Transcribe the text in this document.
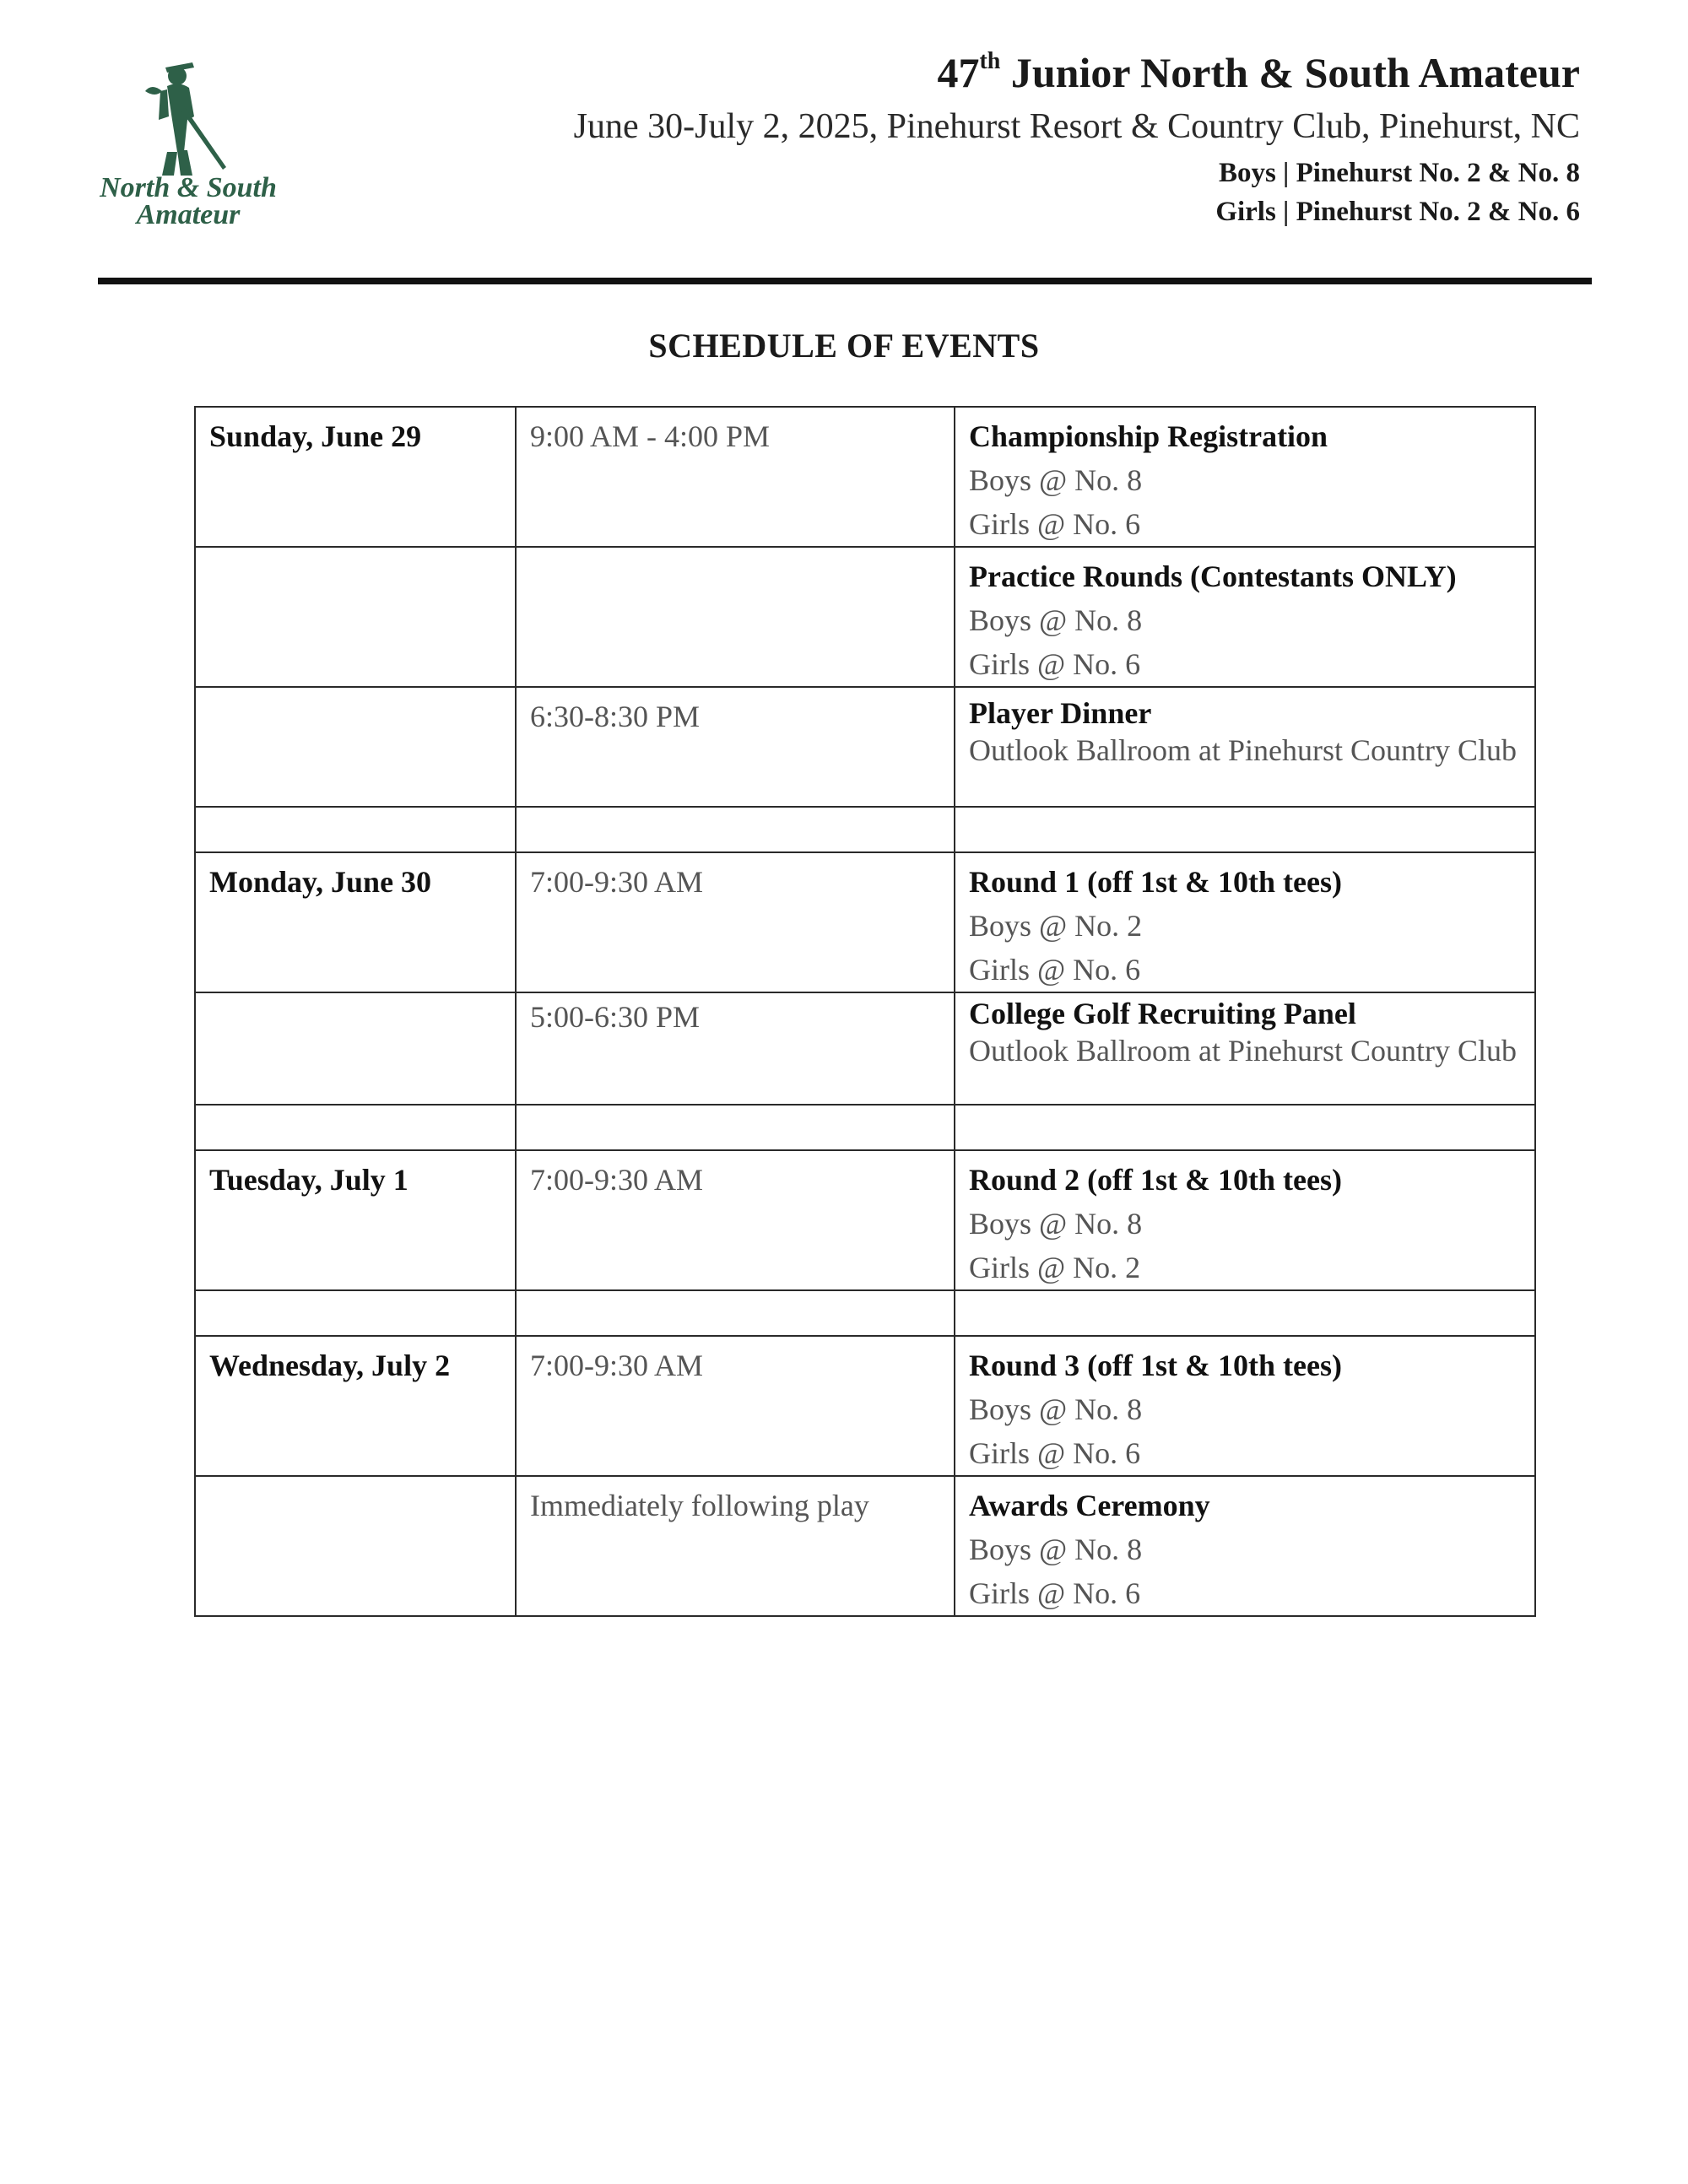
North & South
Amateur
47th Junior North & South Amateur
June 30-July 2, 2025, Pinehurst Resort & Country Club, Pinehurst, NC
Boys | Pinehurst No. 2 & No. 8
Girls | Pinehurst No. 2 & No. 6
SCHEDULE OF EVENTS
Sunday, June 29	9:00 AM - 4:00 PM	Championship Registration
Boys @ No. 8
Girls @ No. 6

		Practice Rounds (Contestants ONLY)
Boys @ No. 8
Girls @ No. 6

	6:30-8:30 PM	Player Dinner
Outlook Ballroom at Pinehurst Country Club

Monday, June 30	7:00-9:30 AM	Round 1 (off 1st & 10th tees)
Boys @ No. 2
Girls @ No. 6

	5:00-6:30 PM	College Golf Recruiting Panel
Outlook Ballroom at Pinehurst Country Club

Tuesday, July 1	7:00-9:30 AM	Round 2 (off 1st & 10th tees)
Boys @ No. 8
Girls @ No. 2

Wednesday, July 2	7:00-9:30 AM	Round 3 (off 1st & 10th tees)
Boys @ No. 8
Girls @ No. 6

	Immediately following play	Awards Ceremony
Boys @ No. 8
Girls @ No. 6
